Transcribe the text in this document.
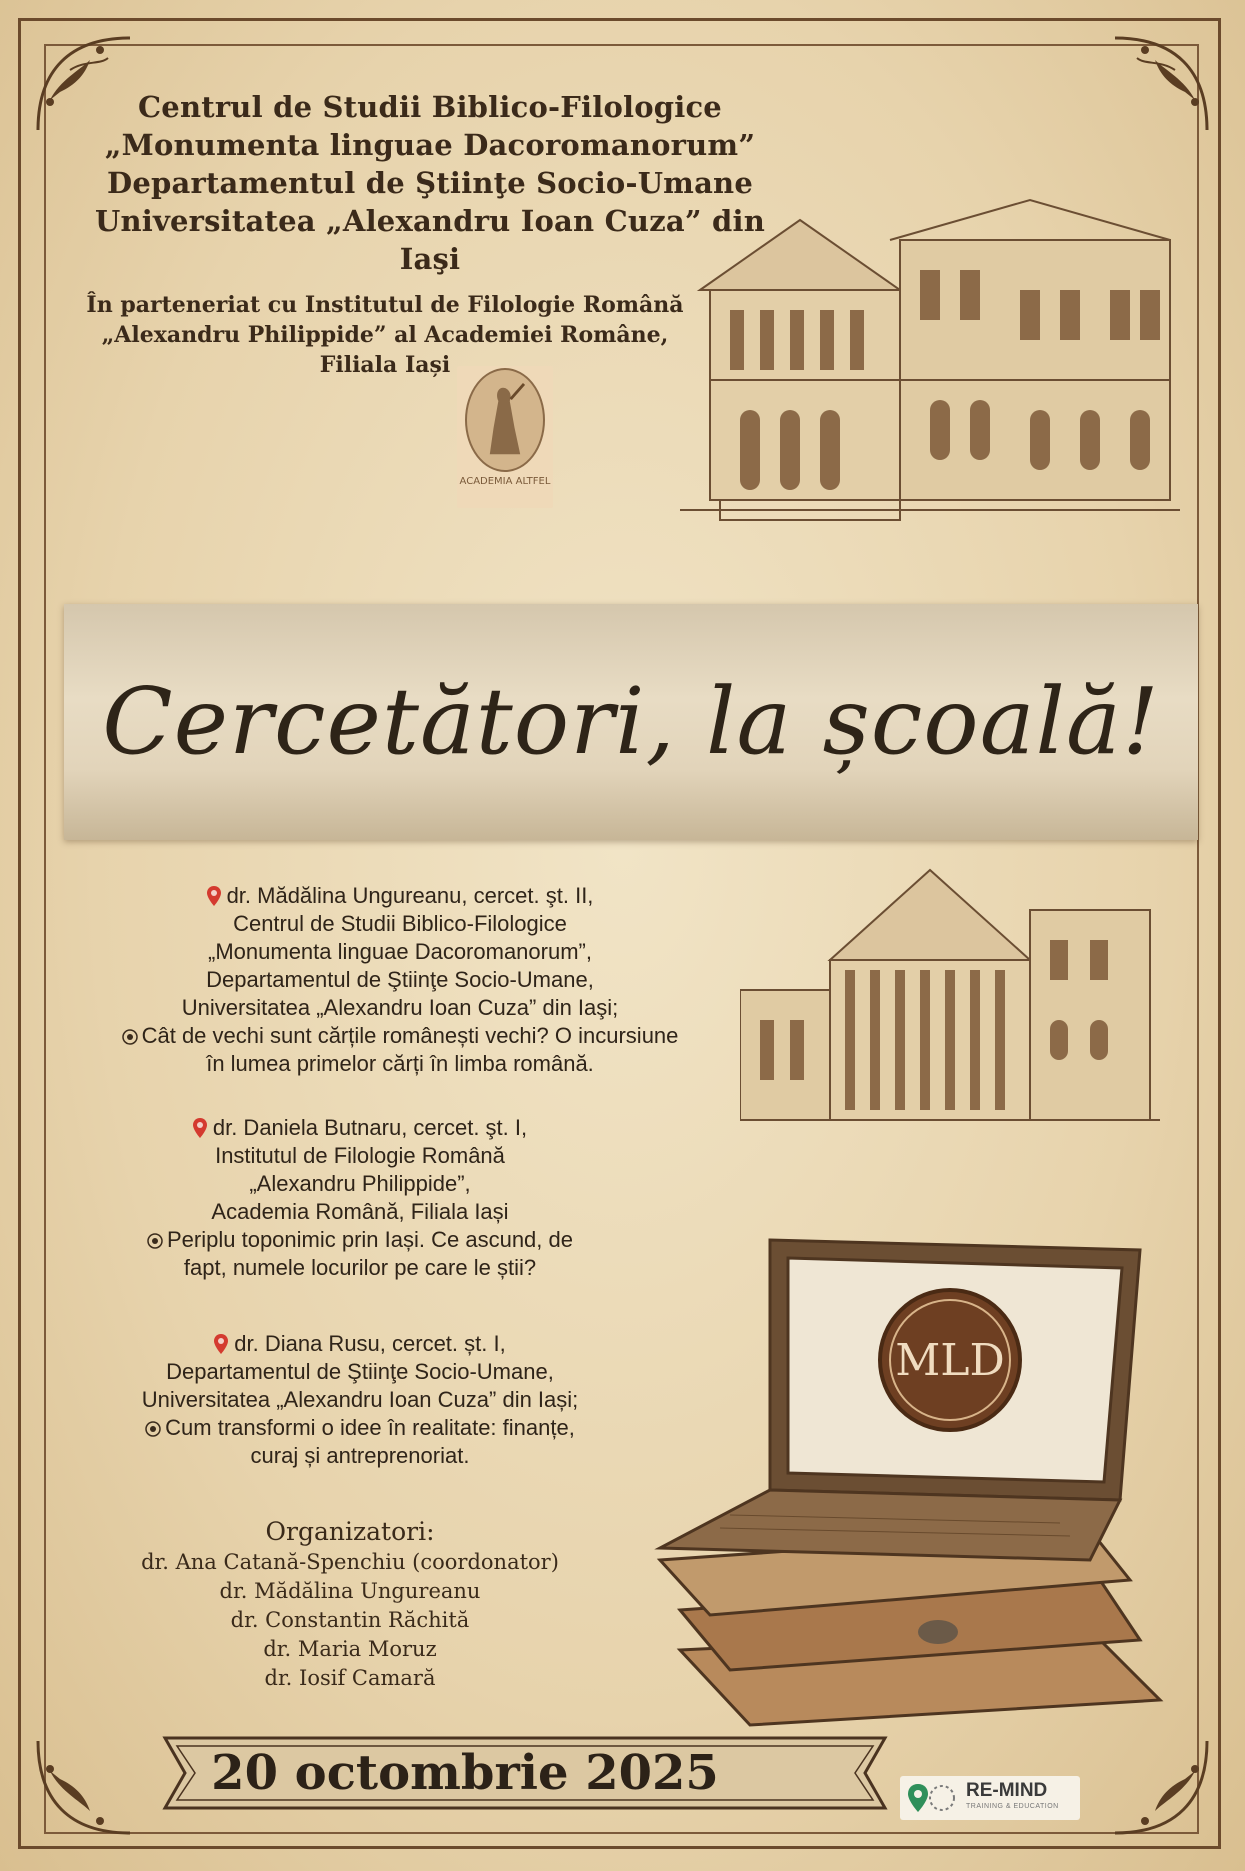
Centrul de Studii Biblico-Filologice
„Monumenta linguae Dacoromanorum”
Departamentul de Ştiinţe Socio-Umane
Universitatea „Alexandru Ioan Cuza” din Iaşi
În parteneriat cu Institutul de Filologie Română
„Alexandru Philippide” al Academiei Române,
Filiala Iași
ACADEMIA ALTFEL
Cercetători, la școală!
dr. Mădălina Ungureanu, cercet. şt. II,
Centrul de Studii Biblico-Filologice
„Monumenta linguae Dacoromanorum”,
Departamentul de Ştiinţe Socio-Umane,
Universitatea „Alexandru Ioan Cuza” din Iaşi;
Cât de vechi sunt cărțile românești vechi? O incursiune
în lumea primelor cărți în limba română.
dr. Daniela Butnaru, cercet. şt. I,
Institutul de Filologie Română
„Alexandru Philippide”,
Academia Română, Filiala Iași
Periplu toponimic prin Iași. Ce ascund, de
fapt, numele locurilor pe care le știi?
dr. Diana Rusu, cercet. șt. I,
Departamentul de Ştiinţe Socio-Umane,
Universitatea „Alexandru Ioan Cuza” din Iași;
Cum transformi o idee în realitate: finanțe,
curaj și antreprenoriat.
Organizatori:
dr. Ana Catană-Spenchiu (coordonator)
dr. Mădălina Ungureanu
dr. Constantin Răchită
dr. Maria Moruz
dr. Iosif Camară
MLD
20 octombrie 2025	RE-MIND
TRAINING & EDUCATION
